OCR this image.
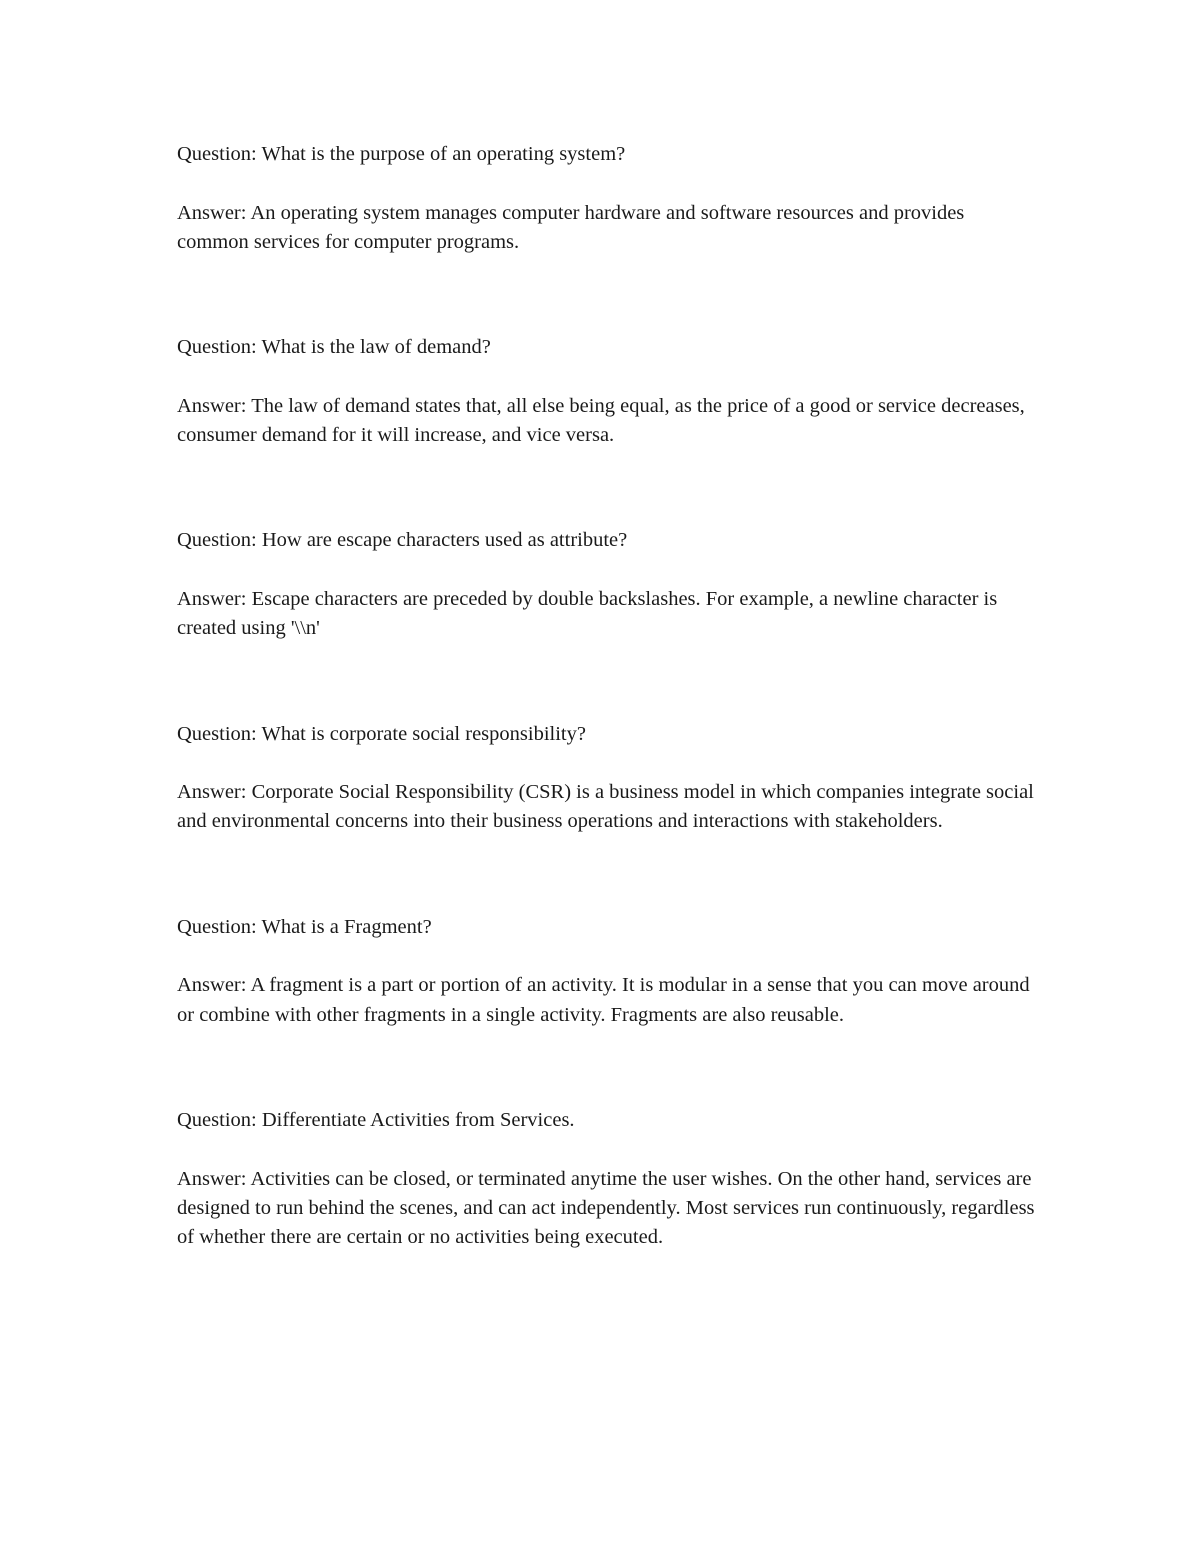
Question: What is the purpose of an operating system?

Answer: An operating system manages computer hardware and software resources and provides common services for computer programs.

Question: What is the law of demand?

Answer: The law of demand states that, all else being equal, as the price of a good or service decreases, consumer demand for it will increase, and vice versa.

Question: How are escape characters used as attribute?

Answer: Escape characters are preceded by double backslashes. For example, a newline character is created using '\\n'

Question: What is corporate social responsibility?

Answer: Corporate Social Responsibility (CSR) is a business model in which companies integrate social and environmental concerns into their business operations and interactions with stakeholders.

Question: What is a Fragment?

Answer: A fragment is a part or portion of an activity. It is modular in a sense that you can move around or combine with other fragments in a single activity. Fragments are also reusable.

Question: Differentiate Activities from Services.

Answer: Activities can be closed, or terminated anytime the user wishes. On the other hand, services are designed to run behind the scenes, and can act independently. Most services run continuously, regardless of whether there are certain or no activities being executed.
